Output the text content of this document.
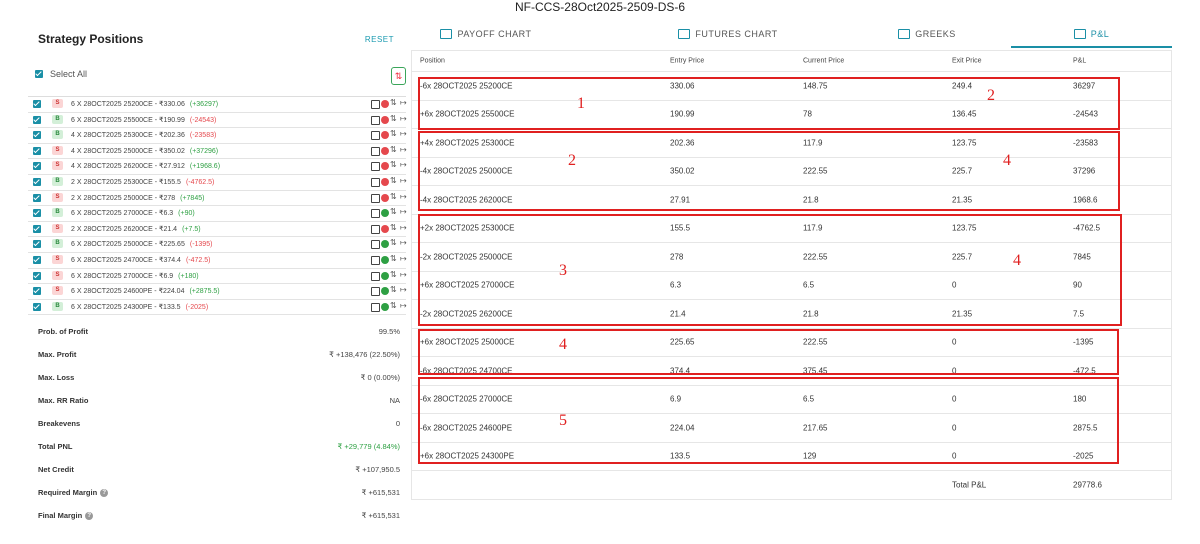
NF-CCS-28Oct2025-2509-DS-6
Strategy Positions	RESET
Select All	⇅
S	6 X 28OCT2025 25200CE - ₹330.06 (+36297)	⇅ ↦
B	6 X 28OCT2025 25500CE - ₹190.99 (-24543)	⇅ ↦
B	4 X 28OCT2025 25300CE - ₹202.36 (-23583)	⇅ ↦
S	4 X 28OCT2025 25000CE - ₹350.02 (+37296)	⇅ ↦
S	4 X 28OCT2025 26200CE - ₹27.912 (+1968.6)	⇅ ↦
B	2 X 28OCT2025 25300CE - ₹155.5 (-4762.5)	⇅ ↦
S	2 X 28OCT2025 25000CE - ₹278 (+7845)	⇅ ↦
B	6 X 28OCT2025 27000CE - ₹6.3 (+90)	⇅ ↦
S	2 X 28OCT2025 26200CE - ₹21.4 (+7.5)	⇅ ↦
B	6 X 28OCT2025 25000CE - ₹225.65 (-1395)	⇅ ↦
S	6 X 28OCT2025 24700CE - ₹374.4 (-472.5)	⇅ ↦
S	6 X 28OCT2025 27000CE - ₹6.9 (+180)	⇅ ↦
S	6 X 28OCT2025 24600PE - ₹224.04 (+2875.5)	⇅ ↦
B	6 X 28OCT2025 24300PE - ₹133.5 (-2025)	⇅ ↦
Prob. of Profit	99.5%
Max. Profit	₹ +138,476 (22.50%)
Max. Loss	₹ 0 (0.00%)
Max. RR Ratio	NA
Breakevens	0
Total PNL	₹ +29,779 (4.84%)
Net Credit	₹ +107,950.5
Required Margin ?	₹ +615,531
Final Margin ?	₹ +615,531
PAYOFF CHART	FUTURES CHART	GREEKS	P&L
Position	Entry Price	Current Price	Exit Price	P&L
-6x 28OCT2025 25200CE	330.06	148.75	249.4	36297
+6x 28OCT2025 25500CE	190.99	78	136.45	-24543
+4x 28OCT2025 25300CE	202.36	117.9	123.75	-23583
-4x 28OCT2025 25000CE	350.02	222.55	225.7	37296
-4x 28OCT2025 26200CE	27.91	21.8	21.35	1968.6
+2x 28OCT2025 25300CE	155.5	117.9	123.75	-4762.5
-2x 28OCT2025 25000CE	278	222.55	225.7	7845
+6x 28OCT2025 27000CE	6.3	6.5	0	90
-2x 28OCT2025 26200CE	21.4	21.8	21.35	7.5
+6x 28OCT2025 25000CE	225.65	222.55	0	-1395
-6x 28OCT2025 24700CE	374.4	375.45	0	-472.5
-6x 28OCT2025 27000CE	6.9	6.5	0	180
-6x 28OCT2025 24600PE	224.04	217.65	0	2875.5
+6x 28OCT2025 24300PE	133.5	129	0	-2025
Total P&L	29778.6
1	2
2	4
3
4
4
5
